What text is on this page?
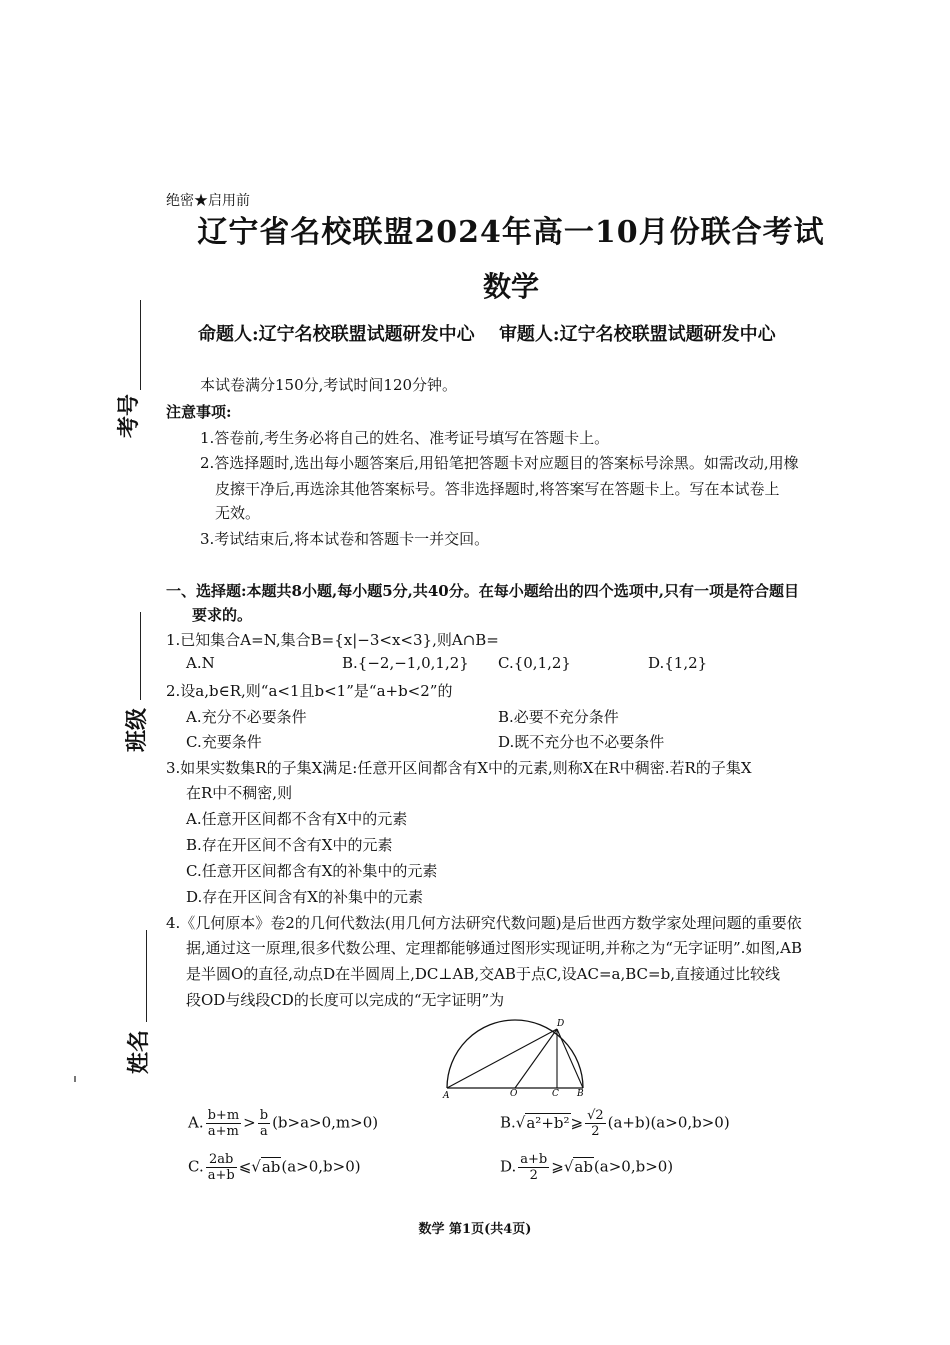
绝密★启用前
辽宁省名校联盟2024年高一10月份联合考试
数学
命题人:辽宁名校联盟试题研发中心 审题人:辽宁名校联盟试题研发中心
考号
班级
姓名
本试卷满分150分,考试时间120分钟。
注意事项:
1.答卷前,考生务必将自己的姓名、准考证号填写在答题卡上。
2.答选择题时,选出每小题答案后,用铅笔把答题卡对应题目的答案标号涂黑。如需改动,用橡
皮擦干净后,再选涂其他答案标号。答非选择题时,将答案写在答题卡上。写在本试卷上
无效。
3.考试结束后,将本试卷和答题卡一并交回。
一、选择题:本题共8小题,每小题5分,共40分。在每小题给出的四个选项中,只有一项是符合题目
要求的。
1.已知集合A=N,集合B={x|−3<x<3},则A∩B=
A.N	B.{−2,−1,0,1,2} C.{0,1,2}	D.{1,2}
2.设a,b∈R,则“a<1且b<1”是“a+b<2”的
A.充分不必要条件	B.必要不充分条件
C.充要条件	D.既不充分也不必要条件
3.如果实数集R的子集X满足:任意开区间都含有X中的元素,则称X在R中稠密.若R的子集X
在R中不稠密,则
A.任意开区间都不含有X中的元素
B.存在开区间不含有X中的元素
C.任意开区间都含有X的补集中的元素
D.存在开区间含有X的补集中的元素
4.《几何原本》卷2的几何代数法(用几何方法研究代数问题)是后世西方数学家处理问题的重要依
据,通过这一原理,很多代数公理、定理都能够通过图形实现证明,并称之为“无字证明”.如图,AB
是半圆O的直径,动点D在半圆周上,DC⊥AB,交AB于点C,设AC=a,BC=b,直接通过比较线
段OD与线段CD的长度可以完成的“无字证明”为
A	O	C B
D
A. $\frac{b+m}{a+m} > \frac{b}{a} (b>a>0,m>0)$	B.√a²+b²⩾ $\frac{√2}{2} (a+b)(a>0,b>0)$
C. $\frac{2ab}{a+b}$ ⩽√ab(a>0,b>0)	D. $\frac{a+b}{2}$ ⩾√ab(a>0,b>0)
数学 第1页(共4页)
